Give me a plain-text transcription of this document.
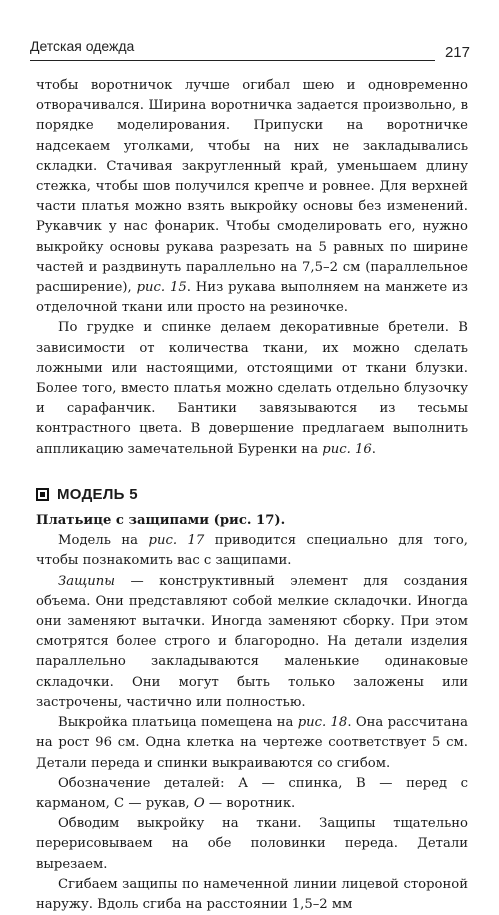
Детская одежда	217

чтобы воротничок лучше огибал шею и одновременно отворачивался. Ширина воротничка задается произвольно, в порядке моделирования. Припуски на воротничке надсекаем уголками, чтобы на них не закладывались складки. Стачивая закругленный край, уменьшаем длину стежка, чтобы шов получился крепче и ровнее. Для верхней части платья можно взять выкройку основы без изменений. Рукавчик у нас фонарик. Чтобы смоделировать его, нужно выкройку основы рукава разрезать на 5 равных по ширине частей и раздвинуть параллельно на 7,5–2 см (параллельное расширение), рис. 15. Низ рукава выполняем на манжете из отделочной ткани или просто на резиночке.

По грудке и спинке делаем декоративные бретели. В зависимости от количества ткани, их можно сделать ложными или настоящими, отстоящими от ткани блузки. Более того, вместо платья можно сделать отдельно блузочку и сарафанчик. Бантики завязываются из тесьмы контрастного цвета. В довершение предлагаем выполнить аппликацию замечательной Буренки на рис. 16.

МОДЕЛЬ 5

Платьице с защипами (рис. 17).

Модель на рис. 17 приводится специально для того, чтобы познакомить вас с защипами.

Защипы — конструктивный элемент для создания объема. Они представляют собой мелкие складочки. Иногда они заменяют вытачки. Иногда заменяют сборку. При этом смотрятся более строго и благородно. На детали изделия параллельно закладываются маленькие одинаковые складочки. Они могут быть только заложены или застрочены, частично или полностью.

Выкройка платьица помещена на рис. 18. Она рассчитана на рост 96 см. Одна клетка на чертеже соответствует 5 см. Детали переда и спинки выкраиваются со сгибом.

Обозначение деталей: А — спинка, В — перед с карманом, С — рукав, О — воротник.

Обводим выкройку на ткани. Защипы тщательно перерисовываем на обе половинки переда. Детали вырезаем.

Сгибаем защипы по намеченной линии лицевой стороной наружу. Вдоль сгиба на расстоянии 1,5–2 мм
